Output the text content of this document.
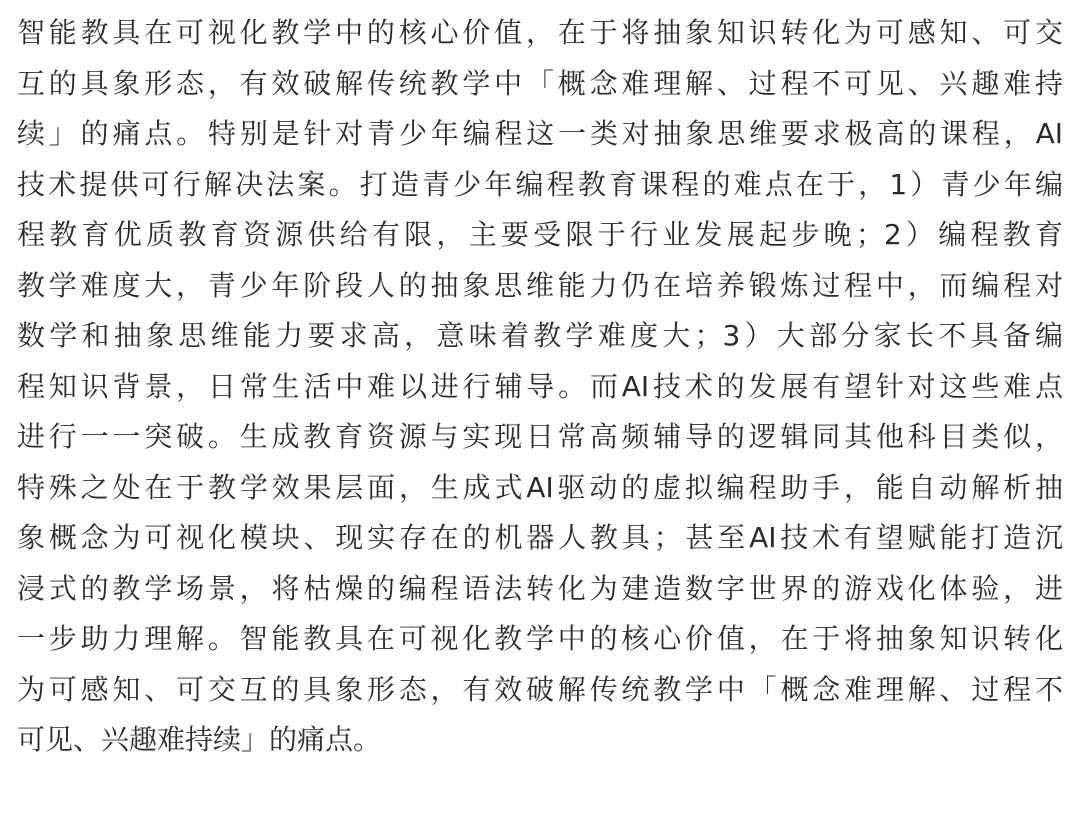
智能教具在可视化教学中的核心价值，在于将抽象知识转化为可感知、可交
互的具象形态，有效破解传统教学中「概念难理解、过程不可见、兴趣难持
续」的痛点。特别是针对青少年编程这一类对抽象思维要求极高的课程，AI
技术提供可行解决法案。打造青少年编程教育课程的难点在于，1）青少年编
程教育优质教育资源供给有限，主要受限于行业发展起步晚；2）编程教育
教学难度大，青少年阶段人的抽象思维能力仍在培养锻炼过程中，而编程对
数学和抽象思维能力要求高，意味着教学难度大；3）大部分家长不具备编
程知识背景，日常生活中难以进行辅导。而AI技术的发展有望针对这些难点
进行一一突破。生成教育资源与实现日常高频辅导的逻辑同其他科目类似，
特殊之处在于教学效果层面，生成式AI驱动的虚拟编程助手，能自动解析抽
象概念为可视化模块、现实存在的机器人教具；甚至AI技术有望赋能打造沉
浸式的教学场景，将枯燥的编程语法转化为建造数字世界的游戏化体验，进
一步助力理解。智能教具在可视化教学中的核心价值，在于将抽象知识转化
为可感知、可交互的具象形态，有效破解传统教学中「概念难理解、过程不
可见、兴趣难持续」的痛点。
